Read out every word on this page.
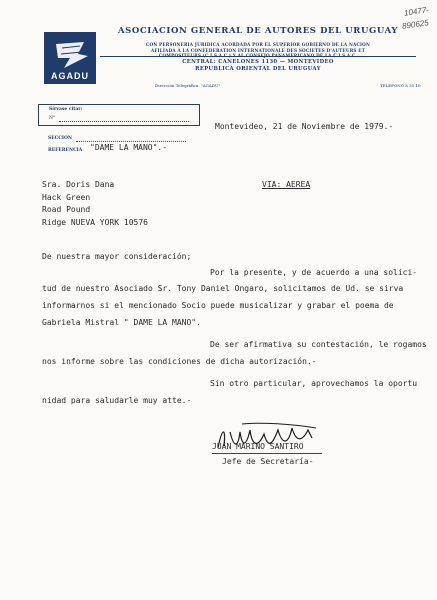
10477-
890625
AGADU
ASOCIACION GENERAL DE AUTORES DEL URUGUAY
CON PERSONERIA JURIDICA ACORDADA POR EL SUPERIOR GOBIERNO DE LA NACION
AFILIADA A LA CONFEDERATION INTERNATIONALE DES SOCIETES D'AUTEURS ET
COMPOSITEURS (C.I.S.A.C.) Y AL CONSEJO PANAMERICANO DE LA C.I.S.A.C.
CENTRAL: CANELONES 1130 — MONTEVIDEO
REPUBLICA ORIENTAL DEL URUGUAY
Dirección Telegráfica: "AGADU"	TELEFONO 8 35 10
Sírvase citar:
N°
SECCION
REFERENCIA "DAME LA MANO".-
Montevideo, 21 de Noviembre de 1979.-
Sra. Doris Dana
Hack Green
Road Pound
Ridge NUEVA YORK 10576
VIA: AEREA
De nuestra mayor consideración;
Por la presente, y de acuerdo a una solici-
tud de nuestro Asociado Sr. Tony Daniel Ongaro, solicitamos de Ud. se sirva
informarnos si el mencionado Socio puede musicalizar y grabar el poema de
Gabriela Mistral " DAME LA MANO".
De ser afirmativa su contestación, le rogamos
nos informe sobre las condiciones de dicha autorización.-
Sin otro particular, aprovechamos la oportu
nidad para saludarle muy atte.-
JUAN MARINO SANTIRO
Jefe de Secretaría-
